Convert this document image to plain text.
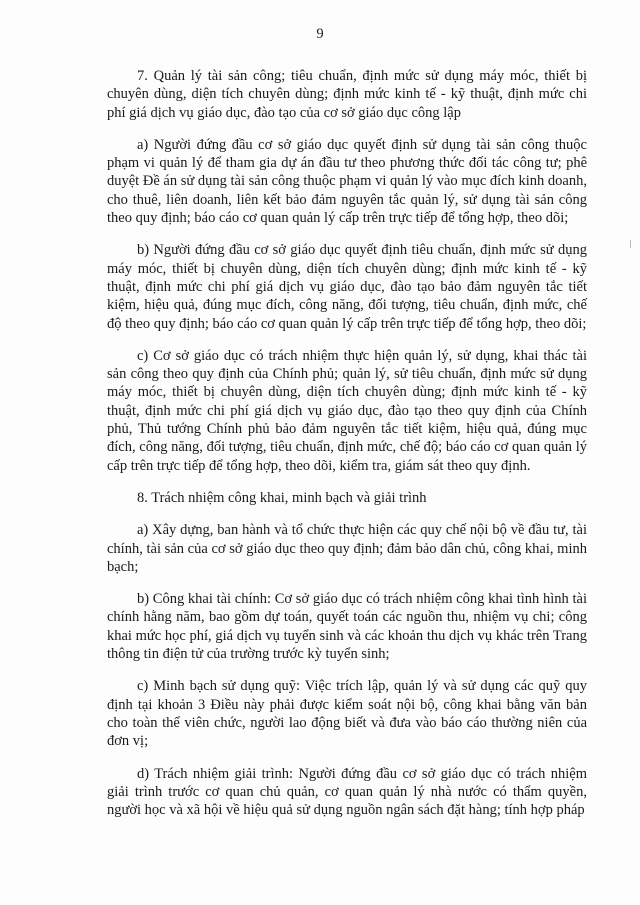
9

7. Quản lý tài sản công; tiêu chuẩn, định mức sử dụng máy móc, thiết bị chuyên dùng, diện tích chuyên dùng; định mức kinh tế - kỹ thuật, định mức chi phí giá dịch vụ giáo dục, đào tạo của cơ sở giáo dục công lập

a) Người đứng đầu cơ sở giáo dục quyết định sử dụng tài sản công thuộc phạm vi quản lý để tham gia dự án đầu tư theo phương thức đối tác công tư; phê duyệt Đề án sử dụng tài sản công thuộc phạm vi quản lý vào mục đích kinh doanh, cho thuê, liên doanh, liên kết bảo đảm nguyên tắc quản lý, sử dụng tài sản công theo quy định; báo cáo cơ quan quản lý cấp trên trực tiếp để tổng hợp, theo dõi;

b) Người đứng đầu cơ sở giáo dục quyết định tiêu chuẩn, định mức sử dụng máy móc, thiết bị chuyên dùng, diện tích chuyên dùng; định mức kinh tế - kỹ thuật, định mức chi phí giá dịch vụ giáo dục, đào tạo bảo đảm nguyên tắc tiết kiệm, hiệu quả, đúng mục đích, công năng, đối tượng, tiêu chuẩn, định mức, chế độ theo quy định; báo cáo cơ quan quản lý cấp trên trực tiếp để tổng hợp, theo dõi;

c) Cơ sở giáo dục có trách nhiệm thực hiện quản lý, sử dụng, khai thác tài sản công theo quy định của Chính phủ; quản lý, sử tiêu chuẩn, định mức sử dụng máy móc, thiết bị chuyên dùng, diện tích chuyên dùng; định mức kinh tế - kỹ thuật, định mức chi phí giá dịch vụ giáo dục, đào tạo theo quy định của Chính phủ, Thủ tướng Chính phủ bảo đảm nguyên tắc tiết kiệm, hiệu quả, đúng mục đích, công năng, đối tượng, tiêu chuẩn, định mức, chế độ; báo cáo cơ quan quản lý cấp trên trực tiếp để tổng hợp, theo dõi, kiểm tra, giám sát theo quy định.

8. Trách nhiệm công khai, minh bạch và giải trình

a) Xây dựng, ban hành và tổ chức thực hiện các quy chế nội bộ về đầu tư, tài chính, tài sản của cơ sở giáo dục theo quy định; đảm bảo dân chủ, công khai, minh bạch;

b) Công khai tài chính: Cơ sở giáo dục có trách nhiệm công khai tình hình tài chính hằng năm, bao gồm dự toán, quyết toán các nguồn thu, nhiệm vụ chi; công khai mức học phí, giá dịch vụ tuyển sinh và các khoản thu dịch vụ khác trên Trang thông tin điện tử của trường trước kỳ tuyển sinh;

c) Minh bạch sử dụng quỹ: Việc trích lập, quản lý và sử dụng các quỹ quy định tại khoản 3 Điều này phải được kiểm soát nội bộ, công khai bằng văn bản cho toàn thể viên chức, người lao động biết và đưa vào báo cáo thường niên của đơn vị;

d) Trách nhiệm giải trình: Người đứng đầu cơ sở giáo dục có trách nhiệm giải trình trước cơ quan chủ quản, cơ quan quản lý nhà nước có thẩm quyền, người học và xã hội về hiệu quả sử dụng nguồn ngân sách đặt hàng; tính hợp pháp
